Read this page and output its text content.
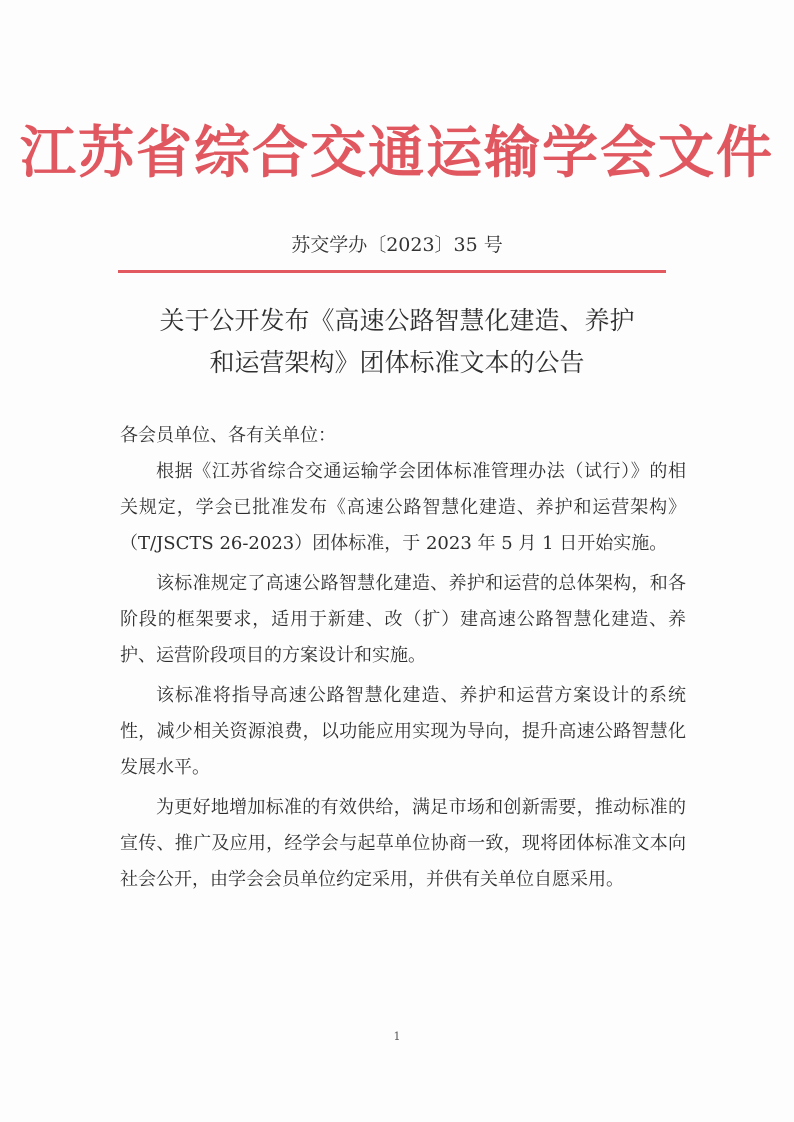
江苏省综合交通运输学会文件
苏交学办〔2023〕35 号
关于公开发布《高速公路智慧化建造、养护
和运营架构》团体标准文本的公告
各会员单位、各有关单位：

根据《江苏省综合交通运输学会团体标准管理办法（试行）》的相关规定，学会已批准发布《高速公路智慧化建造、养护和运营架构》（T/JSCTS 26-2023）团体标准，于 2023 年 5 月 1 日开始实施。

该标准规定了高速公路智慧化建造、养护和运营的总体架构，和各阶段的框架要求，适用于新建、改（扩）建高速公路智慧化建造、养护、运营阶段项目的方案设计和实施。

该标准将指导高速公路智慧化建造、养护和运营方案设计的系统性，减少相关资源浪费，以功能应用实现为导向，提升高速公路智慧化发展水平。

为更好地增加标准的有效供给，满足市场和创新需要，推动标准的宣传、推广及应用，经学会与起草单位协商一致，现将团体标准文本向社会公开，由学会会员单位约定采用，并供有关单位自愿采用。

1
